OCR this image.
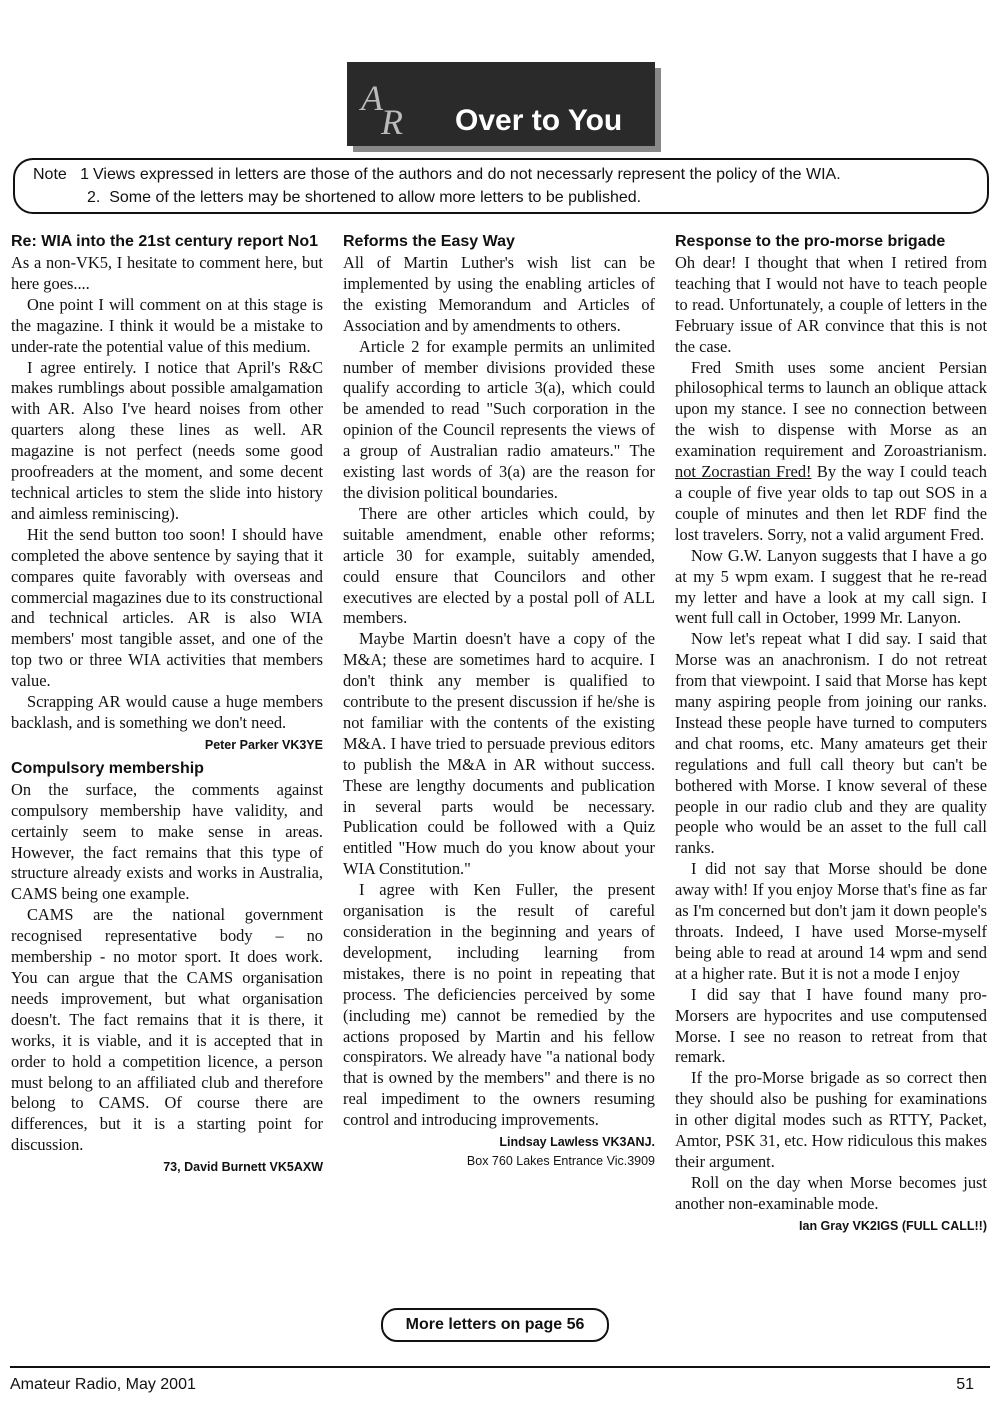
A
R Over to You
Note 1 Views expressed in letters are those of the authors and do not necessarly represent the policy of the WIA.
2. Some of the letters may be shortened to allow more letters to be published.
Re: WIA into the 21st century report No1

As a non-VK5, I hesitate to comment here, but here goes....

One point I will comment on at this stage is the magazine. I think it would be a mistake to under-rate the potential value of this medium.

I agree entirely. I notice that April's R&C makes rumblings about possible amalgamation with AR. Also I've heard noises from other quarters along these lines as well. AR magazine is not perfect (needs some good proofreaders at the moment, and some decent technical articles to stem the slide into history and aimless reminiscing).

Hit the send button too soon! I should have completed the above sentence by saying that it compares quite favorably with overseas and commercial magazines due to its constructional and technical articles. AR is also WIA members' most tangible asset, and one of the top two or three WIA activities that members value.

Scrapping AR would cause a huge members backlash, and is something we don't need.

Peter Parker VK3YE
Compulsory membership

On the surface, the comments against compulsory membership have validity, and certainly seem to make sense in areas. However, the fact remains that this type of structure already exists and works in Australia, CAMS being one example.

CAMS are the national government recognised representative body – no membership - no motor sport. It does work. You can argue that the CAMS organisation needs improvement, but what organisation doesn't. The fact remains that it is there, it works, it is viable, and it is accepted that in order to hold a competition licence, a person must belong to an affiliated club and therefore belong to CAMS. Of course there are differences, but it is a starting point for discussion.

73, David Burnett VK5AXW
Reforms the Easy Way

All of Martin Luther's wish list can be implemented by using the enabling articles of the existing Memorandum and Articles of Association and by amendments to others.

Article 2 for example permits an unlimited number of member divisions provided these qualify according to article 3(a), which could be amended to read "Such corporation in the opinion of the Council represents the views of a group of Australian radio amateurs." The existing last words of 3(a) are the reason for the division political boundaries.

There are other articles which could, by suitable amendment, enable other reforms; article 30 for example, suitably amended, could ensure that Councilors and other executives are elected by a postal poll of ALL members.

Maybe Martin doesn't have a copy of the M&A; these are sometimes hard to acquire. I don't think any member is qualified to contribute to the present discussion if he/she is not familiar with the contents of the existing M&A. I have tried to persuade previous editors to publish the M&A in AR without success. These are lengthy documents and publication in several parts would be necessary. Publication could be followed with a Quiz entitled "How much do you know about your WIA Constitution."

I agree with Ken Fuller, the present organisation is the result of careful consideration in the beginning and years of development, including learning from mistakes, there is no point in repeating that process. The deficiencies perceived by some (including me) cannot be remedied by the actions proposed by Martin and his fellow conspirators. We already have "a national body that is owned by the members" and there is no real impediment to the owners resuming control and introducing improvements.

Lindsay Lawless VK3ANJ.
Box 760 Lakes Entrance Vic.3909
Response to the pro-morse brigade

Oh dear! I thought that when I retired from teaching that I would not have to teach people to read. Unfortunately, a couple of letters in the February issue of AR convince that this is not the case.

Fred Smith uses some ancient Persian philosophical terms to launch an oblique attack upon my stance. I see no connection between the wish to dispense with Morse as an examination requirement and Zoroastrianism. not Zocrastian Fred! By the way I could teach a couple of five year olds to tap out SOS in a couple of minutes and then let RDF find the lost travelers. Sorry, not a valid argument Fred.

Now G.W. Lanyon suggests that I have a go at my 5 wpm exam. I suggest that he re-read my letter and have a look at my call sign. I went full call in October, 1999 Mr. Lanyon.

Now let's repeat what I did say. I said that Morse was an anachronism. I do not retreat from that viewpoint. I said that Morse has kept many aspiring people from joining our ranks. Instead these people have turned to computers and chat rooms, etc. Many amateurs get their regulations and full call theory but can't be bothered with Morse. I know several of these people in our radio club and they are quality people who would be an asset to the full call ranks.

I did not say that Morse should be done away with! If you enjoy Morse that's fine as far as I'm concerned but don't jam it down people's throats. Indeed, I have used Morse-myself being able to read at around 14 wpm and send at a higher rate. But it is not a mode I enjoy

I did say that I have found many pro-Morsers are hypocrites and use computensed Morse. I see no reason to retreat from that remark.

If the pro-Morse brigade as so correct then they should also be pushing for examinations in other digital modes such as RTTY, Packet, Amtor, PSK 31, etc. How ridiculous this makes their argument.

Roll on the day when Morse becomes just another non-examinable mode.

Ian Gray VK2IGS (FULL CALL!!)
More letters on page 56
Amateur Radio, May 2001	51
